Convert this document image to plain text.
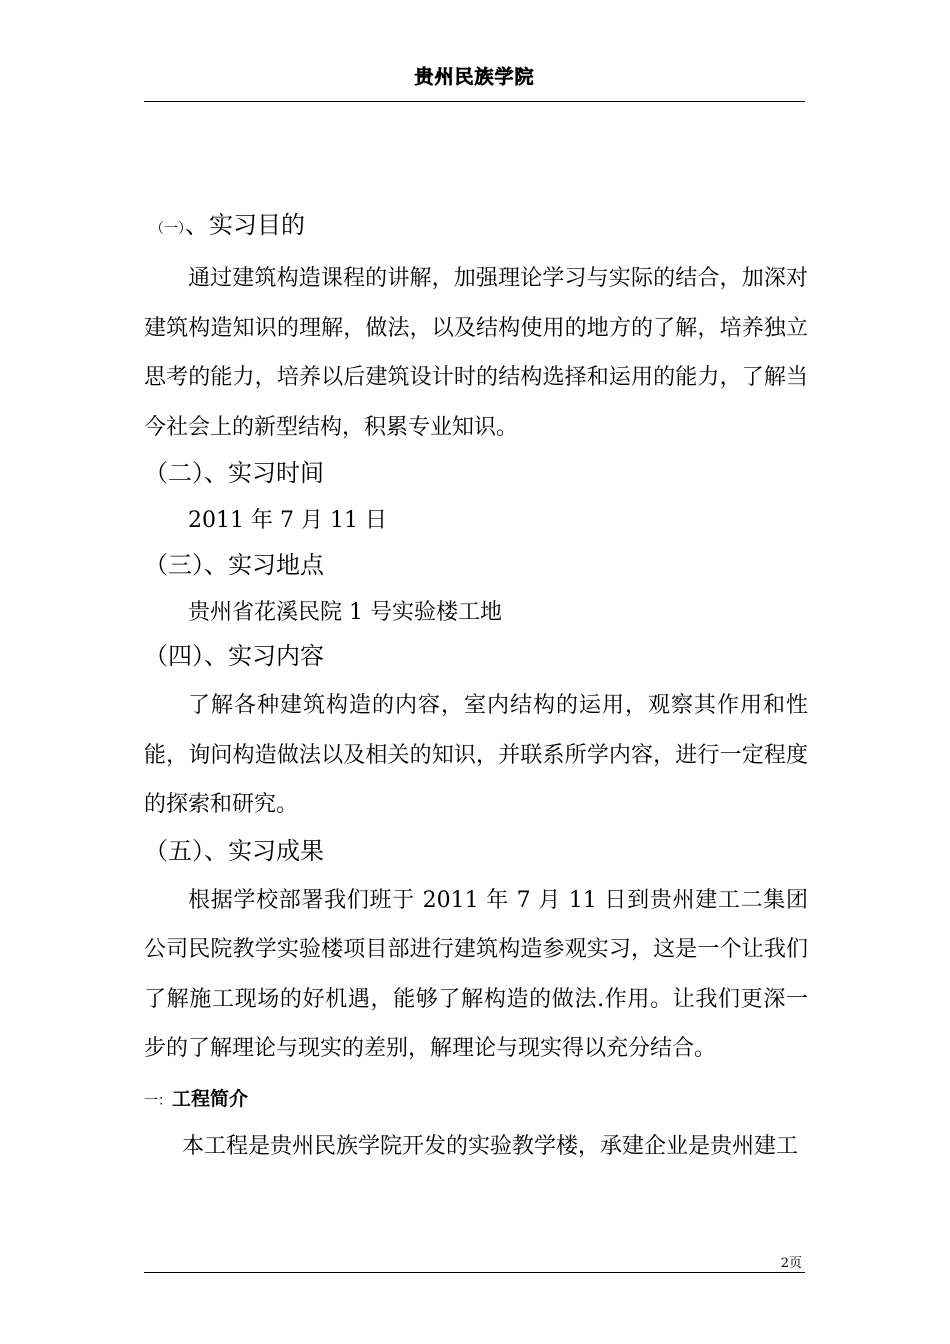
贵州民族学院

（一）、实习目的

通过建筑构造课程的讲解，加强理论学习与实际的结合，加深对建筑构造知识的理解，做法，以及结构使用的地方的了解，培养独立思考的能力，培养以后建筑设计时的结构选择和运用的能力，了解当今社会上的新型结构，积累专业知识。

（二）、实习时间

2011 年 7 月 11 日

（三）、实习地点

贵州省花溪民院 1 号实验楼工地

（四）、实习内容

了解各种建筑构造的内容，室内结构的运用，观察其作用和性能，询问构造做法以及相关的知识，并联系所学内容，进行一定程度的探索和研究。

（五）、实习成果

根据学校部署我们班于 2011 年 7 月 11 日到贵州建工二集团公司民院教学实验楼项目部进行建筑构造参观实习，这是一个让我们了解施工现场的好机遇，能够了解构造的做法.作用。让我们更深一步的了解理论与现实的差别，解理论与现实得以充分结合。

一：工程简介

本工程是贵州民族学院开发的实验教学楼，承建企业是贵州建工

2页
